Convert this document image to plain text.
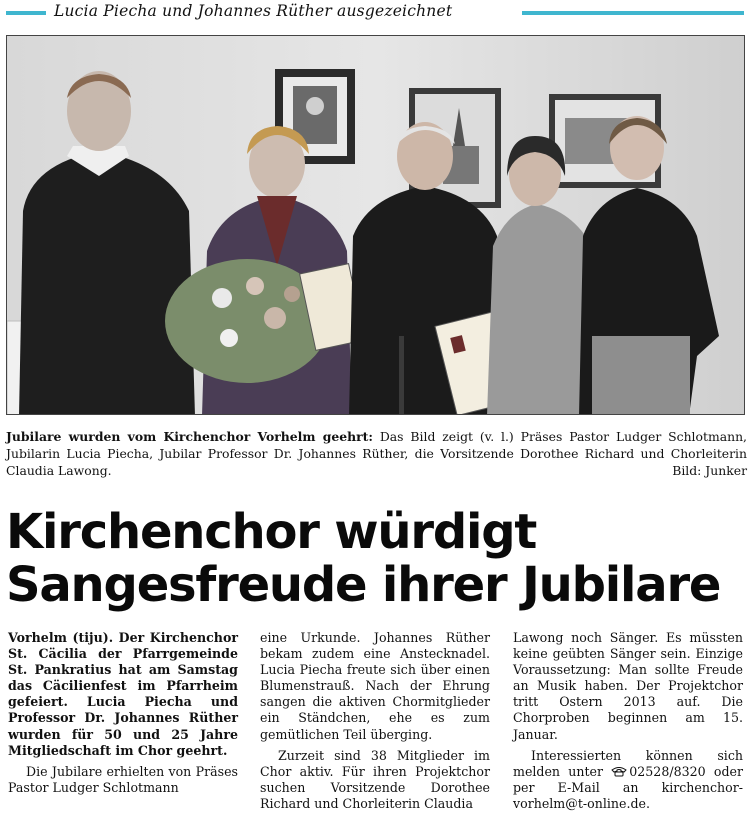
Lucia Piecha und Johannes Rüther ausgezeichnet
Jubilare wurden vom Kirchenchor Vorhelm geehrt: Das Bild zeigt (v. l.) Präses Pastor Ludger Schlotmann, Jubilarin Lucia Piecha, Jubilar Professor Dr. Johannes Rüther, die Vorsitzende Dorothee Richard und Chorleiterin Claudia Lawong.	Bild: Junker
Kirchenchor würdigt
Sangesfreude ihrer Jubilare

Vorhelm (tiju). Der Kirchenchor St. Cäcilia der Pfarrgemeinde St. Pankratius hat am Samstag das Cäcilienfest im Pfarrheim gefeiert. Lucia Piecha und Professor Dr. Johannes Rüther wurden für 50 und 25 Jahre Mitgliedschaft im Chor geehrt.

Die Jubilare erhielten von Präses Pastor Ludger Schlotmann

eine Urkunde. Johannes Rüther bekam zudem eine Anstecknadel. Lucia Piecha freute sich über einen Blumenstrauß. Nach der Ehrung sangen die aktiven Chormitglieder ein Ständchen, ehe es zum gemütlichen Teil überging.

Zurzeit sind 38 Mitglieder im Chor aktiv. Für ihren Projektchor suchen Vorsitzende Dorothee Richard und Chorleiterin Claudia

Lawong noch Sänger. Es müssten keine geübten Sänger sein. Einzige Voraussetzung: Man sollte Freude an Musik haben. Der Projektchor tritt Ostern 2013 auf. Die Chorproben beginnen am 15. Januar.

Interessierten können sich melden unter 02528/8320 oder per E-Mail an kirchenchor-vorhelm@t-online.de.
